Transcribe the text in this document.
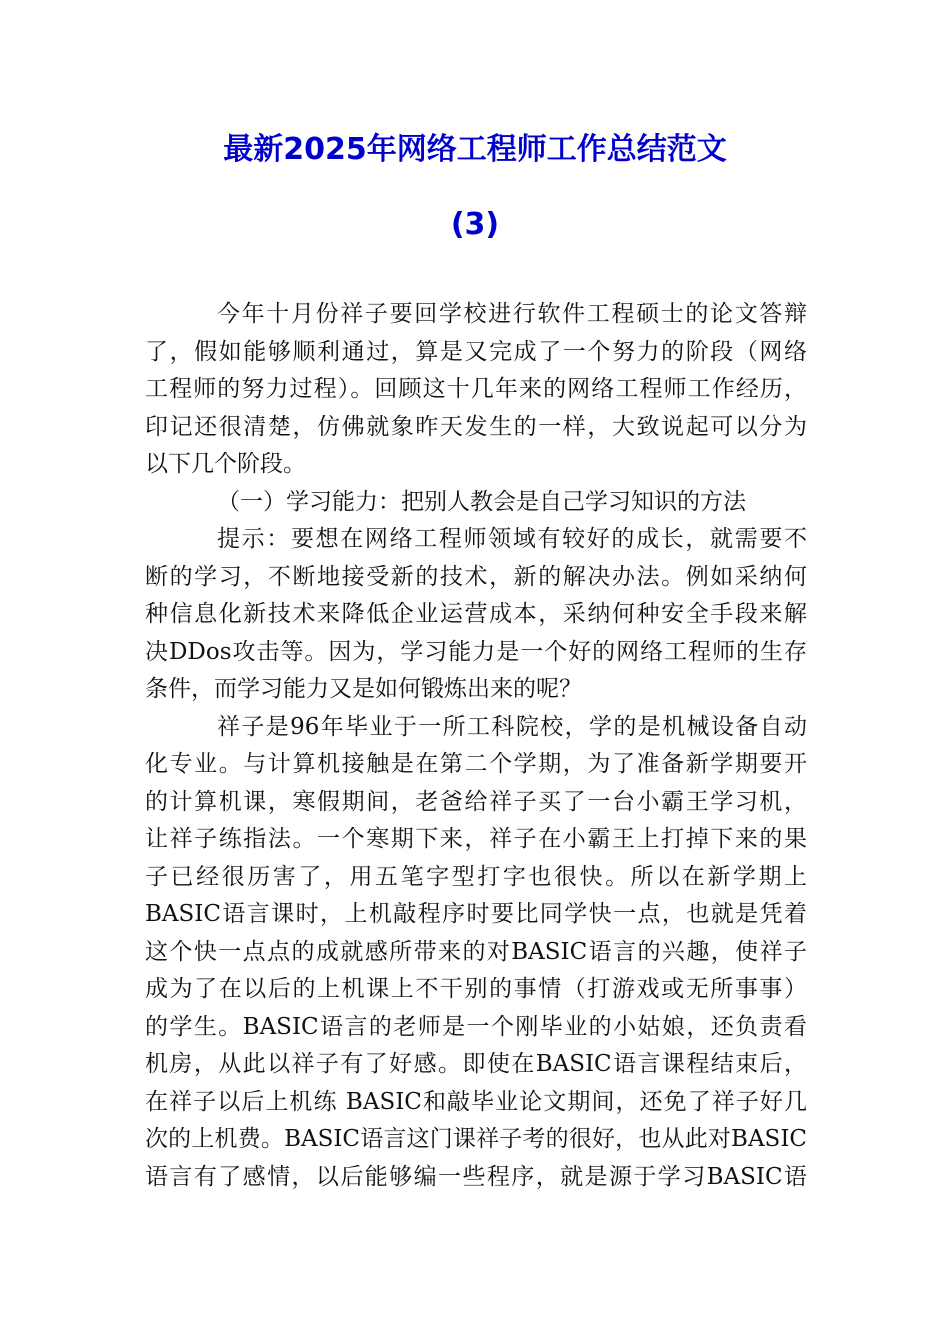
最新2025年网络工程师工作总结范文
(3)
今年十月份祥子要回学校进行软件工程硕士的论文答辩
了，假如能够顺利通过，算是又完成了一个努力的阶段（网络
工程师的努力过程）。回顾这十几年来的网络工程师工作经历，
印记还很清楚，仿佛就象昨天发生的一样，大致说起可以分为
以下几个阶段。
（一）学习能力：把别人教会是自己学习知识的方法
提示：要想在网络工程师领域有较好的成长，就需要不
断的学习，不断地接受新的技术，新的解决办法。例如采纳何
种信息化新技术来降低企业运营成本，采纳何种安全手段来解
决DDos攻击等。因为，学习能力是一个好的网络工程师的生存
条件，而学习能力又是如何锻炼出来的呢？
祥子是96年毕业于一所工科院校，学的是机械设备自动
化专业。与计算机接触是在第二个学期，为了准备新学期要开
的计算机课，寒假期间，老爸给祥子买了一台小霸王学习机，
让祥子练指法。一个寒期下来，祥子在小霸王上打掉下来的果
子已经很历害了，用五笔字型打字也很快。所以在新学期上
BASIC语言课时，上机敲程序时要比同学快一点，也就是凭着
这个快一点点的成就感所带来的对BASIC语言的兴趣，使祥子
成为了在以后的上机课上不干别的事情（打游戏或无所事事）
的学生。BASIC语言的老师是一个刚毕业的小姑娘，还负责看
机房，从此以祥子有了好感。即使在BASIC语言课程结束后，
在祥子以后上机练 BASIC和敲毕业论文期间，还免了祥子好几
次的上机费。BASIC语言这门课祥子考的很好，也从此对BASIC
语言有了感情，以后能够编一些程序，就是源于学习BASIC语
